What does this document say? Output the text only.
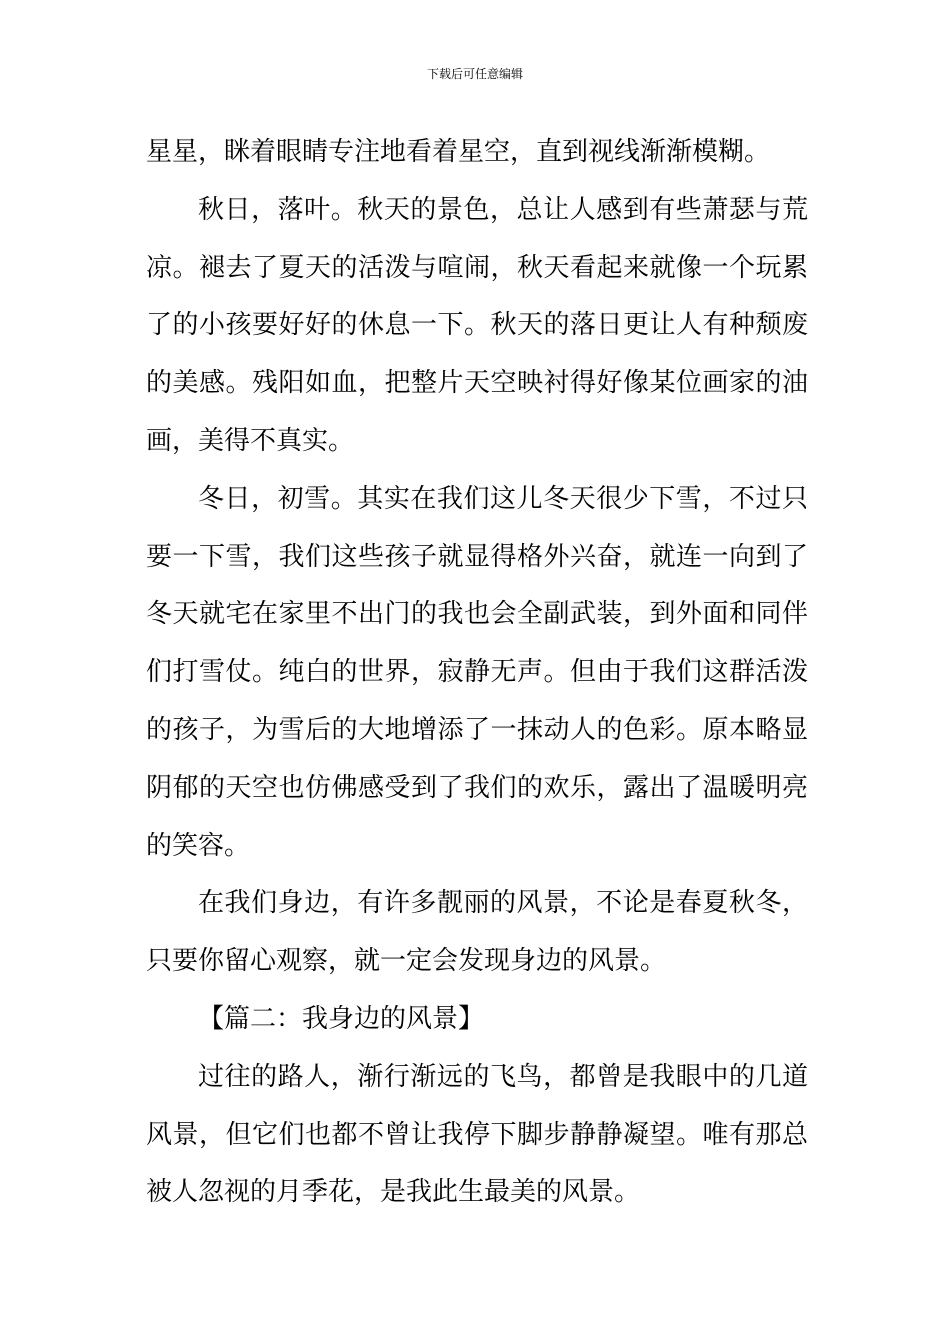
下载后可任意编辑
星星，眯着眼睛专注地看着星空，直到视线渐渐模糊。
秋日，落叶。秋天的景色，总让人感到有些萧瑟与荒
凉。褪去了夏天的活泼与喧闹，秋天看起来就像一个玩累
了的小孩要好好的休息一下。秋天的落日更让人有种颓废
的美感。残阳如血，把整片天空映衬得好像某位画家的油
画，美得不真实。
冬日，初雪。其实在我们这儿冬天很少下雪，不过只
要一下雪，我们这些孩子就显得格外兴奋，就连一向到了
冬天就宅在家里不出门的我也会全副武装，到外面和同伴
们打雪仗。纯白的世界，寂静无声。但由于我们这群活泼
的孩子，为雪后的大地增添了一抹动人的色彩。原本略显
阴郁的天空也仿佛感受到了我们的欢乐，露出了温暖明亮
的笑容。
在我们身边，有许多靓丽的风景，不论是春夏秋冬，
只要你留心观察，就一定会发现身边的风景。
【篇二：我身边的风景】
过往的路人，渐行渐远的飞鸟，都曾是我眼中的几道
风景，但它们也都不曾让我停下脚步静静凝望。唯有那总
被人忽视的月季花，是我此生最美的风景。
